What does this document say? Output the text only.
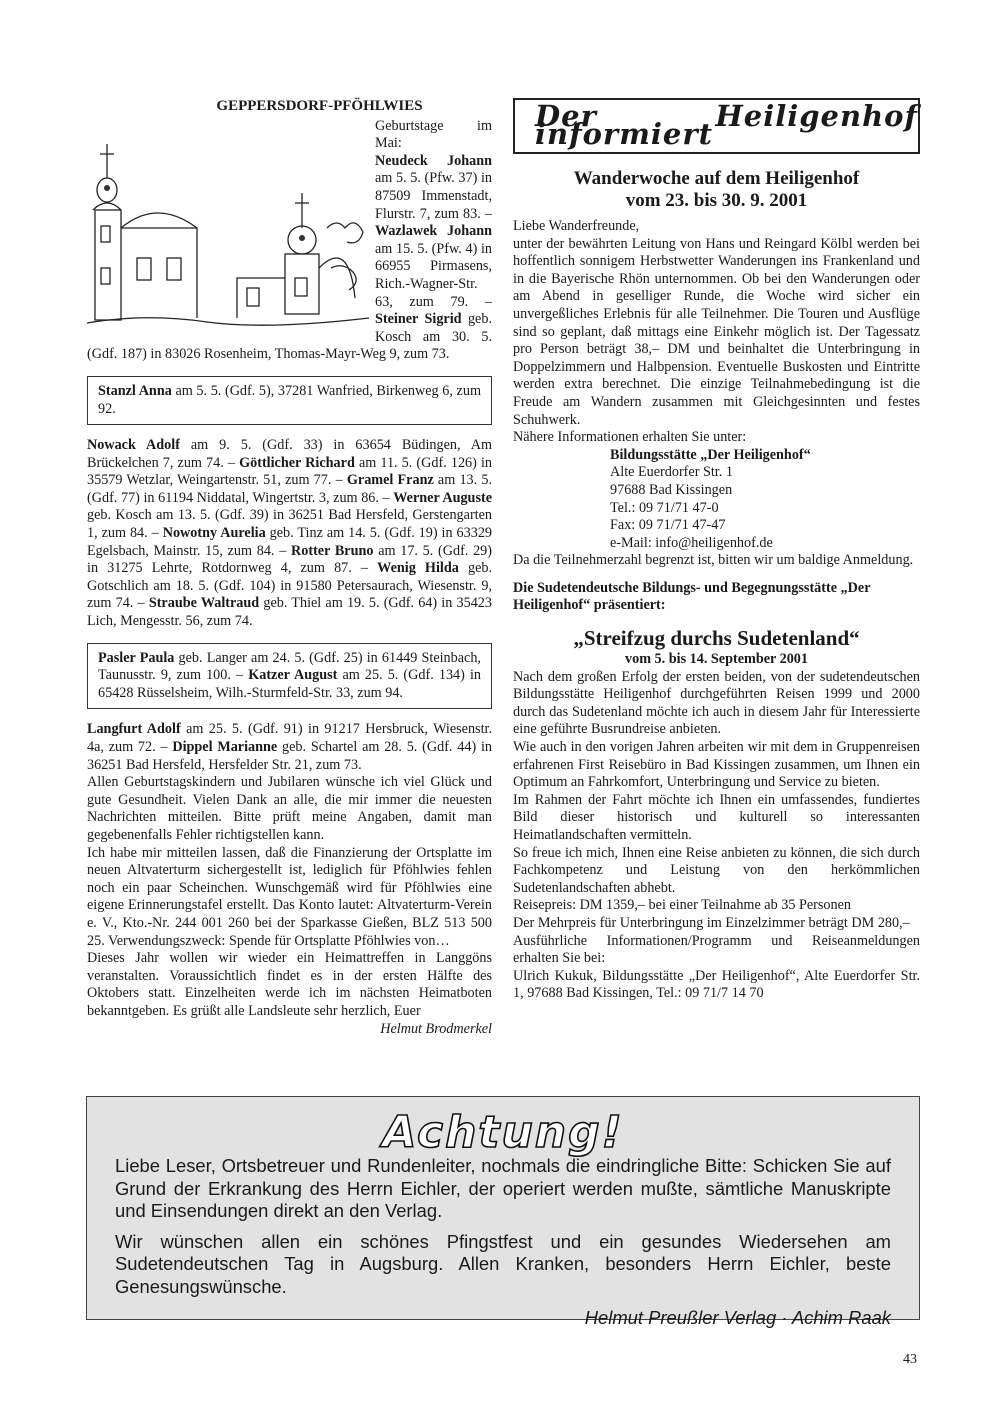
GEPPERSDORF-PFÖHLWIES

Geburtstage im Mai:

Neudeck Johann am 5. 5. (Pfw. 37) in 87509 Immenstadt, Flurstr. 7, zum 83. – Wazlawek Johann am 15. 5. (Pfw. 4) in 66955 Pirmasens, Rich.-Wagner-Str. 63, zum 79. – Steiner Sigrid geb. Kosch am 30. 5. (Gdf. 187) in 83026 Rosenheim, Thomas-Mayr-Weg 9, zum 73.

Stanzl Anna am 5. 5. (Gdf. 5), 37281 Wanfried, Birkenweg 6, zum 92.

Nowack Adolf am 9. 5. (Gdf. 33) in 63654 Büdingen, Am Brückelchen 7, zum 74. – Göttlicher Richard am 11. 5. (Gdf. 126) in 35579 Wetzlar, Weingartenstr. 51, zum 77. – Gramel Franz am 13. 5. (Gdf. 77) in 61194 Niddatal, Wingertstr. 3, zum 86. – Werner Auguste geb. Kosch am 13. 5. (Gdf. 39) in 36251 Bad Hersfeld, Gerstengarten 1, zum 84. – Nowotny Aurelia geb. Tinz am 14. 5. (Gdf. 19) in 63329 Egelsbach, Mainstr. 15, zum 84. – Rotter Bruno am 17. 5. (Gdf. 29) in 31275 Lehrte, Rotdornweg 4, zum 87. – Wenig Hilda geb. Gotschlich am 18. 5. (Gdf. 104) in 91580 Petersaurach, Wiesenstr. 9, zum 74. – Straube Waltraud geb. Thiel am 19. 5. (Gdf. 64) in 35423 Lich, Mengesstr. 56, zum 74.

Pasler Paula geb. Langer am 24. 5. (Gdf. 25) in 61449 Steinbach, Taunusstr. 9, zum 100. – Katzer August am 25. 5. (Gdf. 134) in 65428 Rüsselsheim, Wilh.-Sturmfeld-Str. 33, zum 94.

Langfurt Adolf am 25. 5. (Gdf. 91) in 91217 Hersbruck, Wiesenstr. 4a, zum 72. – Dippel Marianne geb. Schartel am 28. 5. (Gdf. 44) in 36251 Bad Hersfeld, Hersfelder Str. 21, zum 73.

Allen Geburtstagskindern und Jubilaren wünsche ich viel Glück und gute Gesundheit. Vielen Dank an alle, die mir immer die neuesten Nachrichten mitteilen. Bitte prüft meine Angaben, damit man gegebenenfalls Fehler richtigstellen kann.

Ich habe mir mitteilen lassen, daß die Finanzierung der Ortsplatte im neuen Altvaterturm sichergestellt ist, lediglich für Pföhlwies fehlen noch ein paar Scheinchen. Wunschgemäß wird für Pföhlwies eine eigene Erinnerungstafel erstellt. Das Konto lautet: Altvaterturm-Verein e. V., Kto.-Nr. 244 001 260 bei der Sparkasse Gießen, BLZ 513 500 25. Verwendungszweck: Spende für Ortsplatte Pföhlwies von…

Dieses Jahr wollen wir wieder ein Heimattreffen in Langgöns veranstalten. Voraussichtlich findet es in der ersten Hälfte des Oktobers statt. Einzelheiten werde ich im nächsten Heimatboten bekanntgeben. Es grüßt alle Landsleute sehr herzlich, Euer

Helmut Brodmerkel

Der Heiligenhof informiert
Wanderwoche auf dem Heiligenhof
vom 23. bis 30. 9. 2001

Liebe Wanderfreunde,

unter der bewährten Leitung von Hans und Reingard Kölbl werden bei hoffentlich sonnigem Herbstwetter Wanderungen ins Frankenland und in die Bayerische Rhön unternommen. Ob bei den Wanderungen oder am Abend in geselliger Runde, die Woche wird sicher ein unvergeßliches Erlebnis für alle Teilnehmer. Die Touren und Ausflüge sind so geplant, daß mittags eine Einkehr möglich ist. Der Tagessatz pro Person beträgt 38,– DM und beinhaltet die Unterbringung in Doppelzimmern und Halbpension. Eventuelle Buskosten und Eintritte werden extra berechnet. Die einzige Teilnahmebedingung ist die Freude am Wandern zusammen mit Gleichgesinnten und festes Schuhwerk.

Nähere Informationen erhalten Sie unter:

Bildungsstätte „Der Heiligenhof“
Alte Euerdorfer Str. 1
97688 Bad Kissingen
Tel.: 09 71/71 47-0
Fax: 09 71/71 47-47
e-Mail: info@heiligenhof.de

Da die Teilnehmerzahl begrenzt ist, bitten wir um baldige Anmeldung.

Die Sudetendeutsche Bildungs- und Begegnungsstätte „Der Heiligenhof“ präsentiert:

„Streifzug durchs Sudetenland“
vom 5. bis 14. September 2001

Nach dem großen Erfolg der ersten beiden, von der sudetendeutschen Bildungsstätte Heiligenhof durchgeführten Reisen 1999 und 2000 durch das Sudetenland möchte ich auch in diesem Jahr für Interessierte eine geführte Busrundreise anbieten.

Wie auch in den vorigen Jahren arbeiten wir mit dem in Gruppenreisen erfahrenen First Reisebüro in Bad Kissingen zusammen, um Ihnen ein Optimum an Fahrkomfort, Unterbringung und Service zu bieten.

Im Rahmen der Fahrt möchte ich Ihnen ein umfassendes, fundiertes Bild dieser historisch und kulturell so interessanten Heimatlandschaften vermitteln.

So freue ich mich, Ihnen eine Reise anbieten zu können, die sich durch Fachkompetenz und Leistung von den herkömmlichen Sudetenlandschaften abhebt.

Reisepreis: DM 1359,– bei einer Teilnahme ab 35 Personen

Der Mehrpreis für Unterbringung im Einzelzimmer beträgt DM 280,–

Ausführliche Informationen/Programm und Reiseanmeldungen erhalten Sie bei:

Ulrich Kukuk, Bildungsstätte „Der Heiligenhof“, Alte Euerdorfer Str. 1, 97688 Bad Kissingen, Tel.: 09 71/7 14 70

Achtung!

Liebe Leser, Ortsbetreuer und Rundenleiter, nochmals die eindringliche Bitte: Schicken Sie auf Grund der Erkrankung des Herrn Eichler, der operiert werden mußte, sämtliche Manuskripte und Einsendungen direkt an den Verlag.

Wir wünschen allen ein schönes Pfingstfest und ein gesundes Wiedersehen am Sudetendeutschen Tag in Augsburg. Allen Kranken, besonders Herrn Eichler, beste Genesungswünsche.

Helmut Preußler Verlag · Achim Raak

43
